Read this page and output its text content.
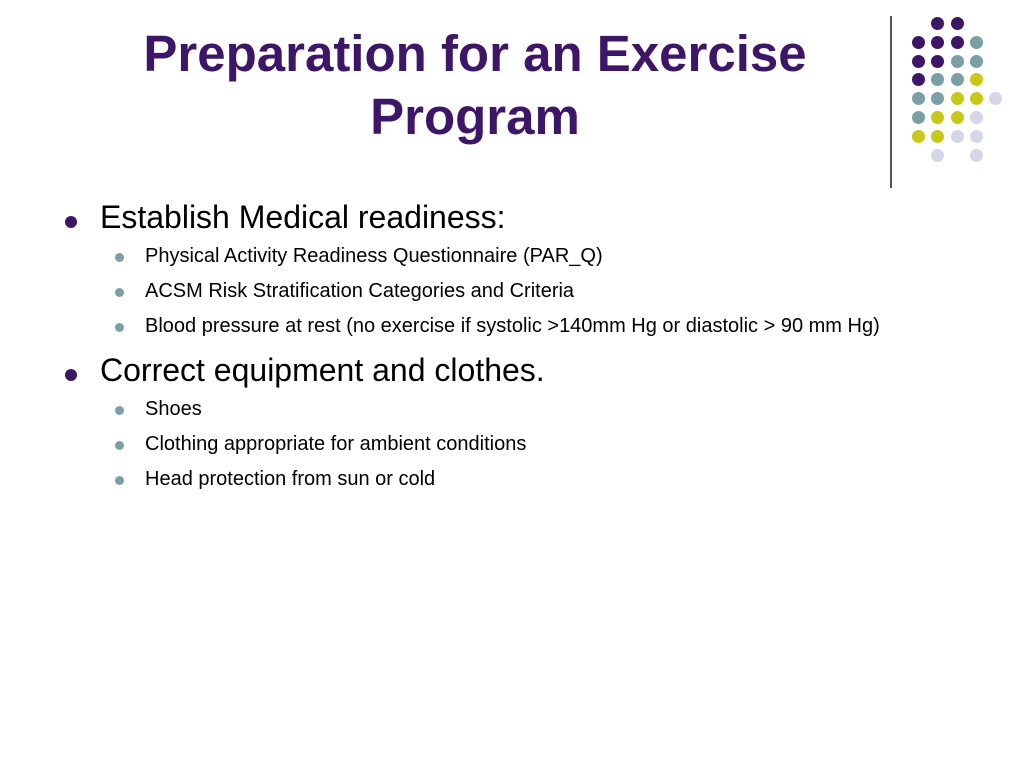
Preparation for an Exercise
Program
Establish Medical readiness:
Physical Activity Readiness Questionnaire (PAR_Q)
ACSM Risk Stratification Categories and Criteria
Blood pressure at rest (no exercise if systolic >140mm Hg or diastolic > 90 mm Hg)
Correct equipment and clothes.
Shoes
Clothing appropriate for ambient conditions
Head protection from sun or cold
